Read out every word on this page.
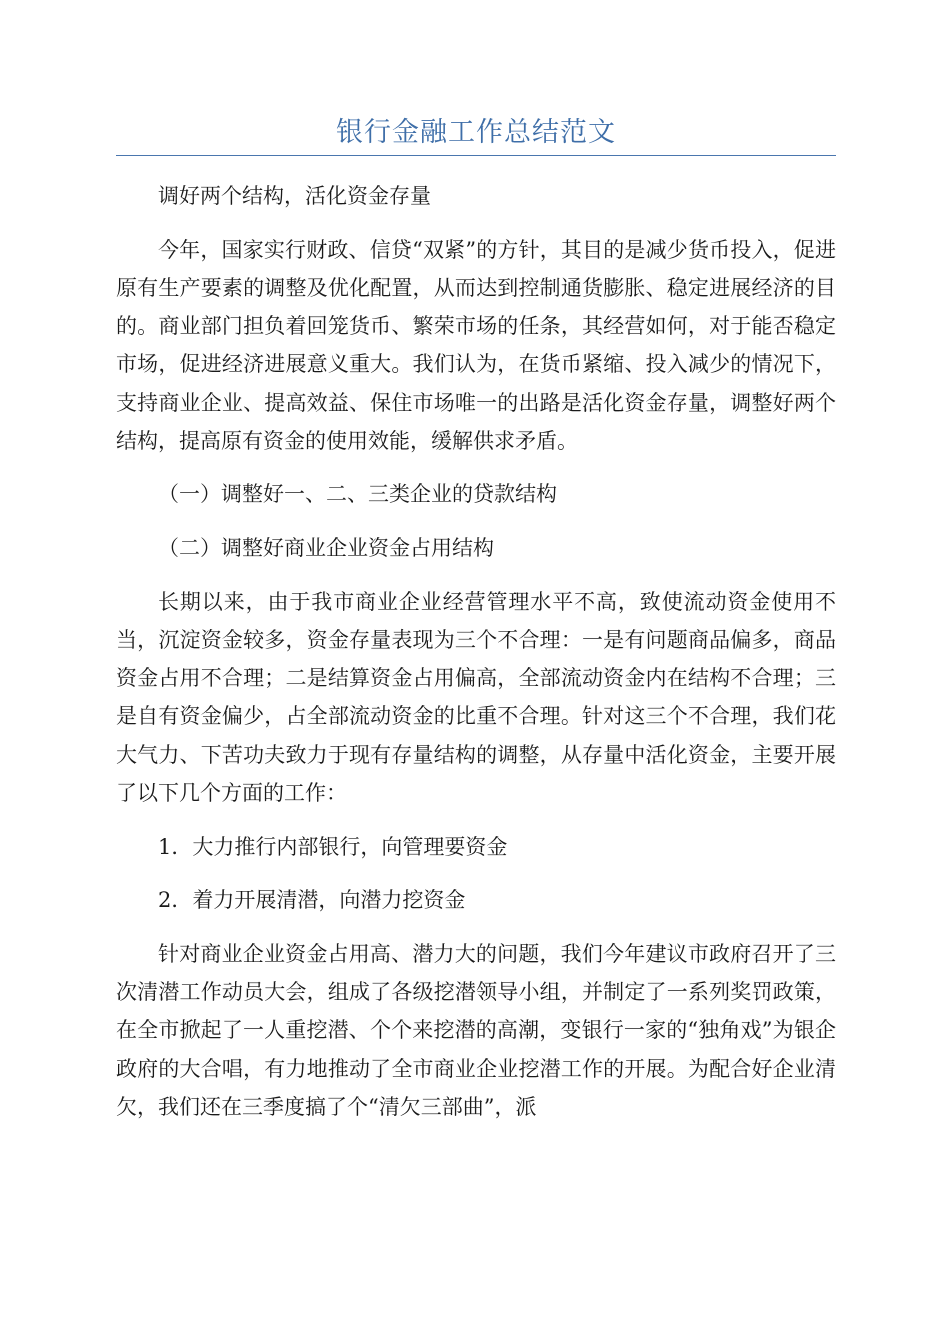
银行金融工作总结范文

调好两个结构，活化资金存量

今年，国家实行财政、信贷“双紧”的方针，其目的是减少货币投入，促进原有生产要素的调整及优化配置，从而达到控制通货膨胀、稳定进展经济的目的。商业部门担负着回笼货币、繁荣市场的任条，其经营如何，对于能否稳定市场，促进经济进展意义重大。我们认为，在货币紧缩、投入减少的情况下，支持商业企业、提高效益、保住市场唯一的出路是活化资金存量，调整好两个结构，提高原有资金的使用效能，缓解供求矛盾。

（一）调整好一、二、三类企业的贷款结构

（二）调整好商业企业资金占用结构

长期以来，由于我市商业企业经营管理水平不高，致使流动资金使用不当，沉淀资金较多，资金存量表现为三个不合理：一是有问题商品偏多，商品资金占用不合理；二是结算资金占用偏高，全部流动资金内在结构不合理；三是自有资金偏少，占全部流动资金的比重不合理。针对这三个不合理，我们花大气力、下苦功夫致力于现有存量结构的调整，从存量中活化资金，主要开展了以下几个方面的工作：

1．大力推行内部银行，向管理要资金

2．着力开展清潜，向潜力挖资金

针对商业企业资金占用高、潜力大的问题，我们今年建议市政府召开了三次清潜工作动员大会，组成了各级挖潜领导小组，并制定了一系列奖罚政策，在全市掀起了一人重挖潜、个个来挖潜的高潮，变银行一家的“独角戏”为银企政府的大合唱，有力地推动了全市商业企业挖潜工作的开展。为配合好企业清欠，我们还在三季度搞了个“清欠三部曲”，派
